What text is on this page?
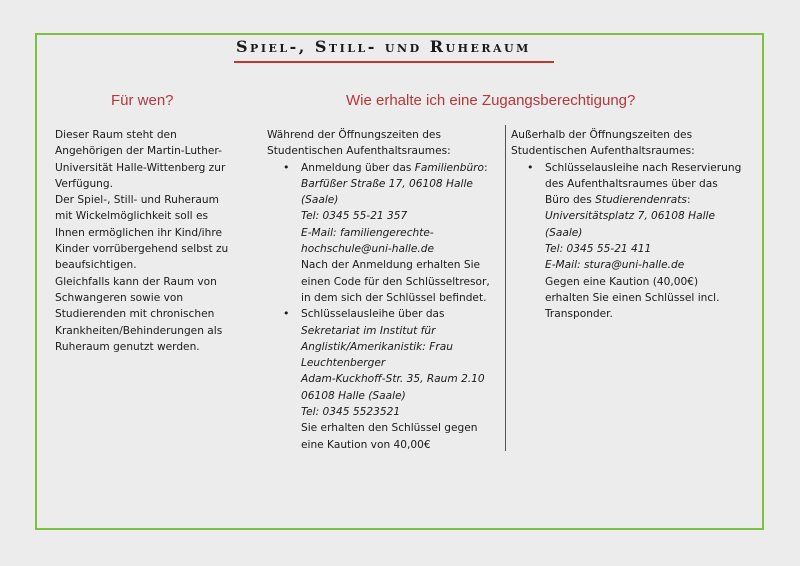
Spiel-, Still- und Ruheraum
Für wen?	Wie erhalte ich eine Zugangsberechtigung?

Dieser Raum steht den

Angehörigen der Martin-Luther-

Universität Halle-Wittenberg zur

Verfügung.

Der Spiel-, Still- und Ruheraum

mit Wickelmöglichkeit soll es

Ihnen ermöglichen ihr Kind/ihre

Kinder vorrübergehend selbst zu

beaufsichtigen.

Gleichfalls kann der Raum von

Schwangeren sowie von

Studierenden mit chronischen

Krankheiten/Behinderungen als

Ruheraum genutzt werden.

Während der Öffnungszeiten des

Studentischen Aufenthaltsraumes:

• Anmeldung über das Familienbüro:

Barfüßer Straße 17, 06108 Halle

(Saale)

Tel: 0345 55-21 357

E-Mail: familiengerechte-

hochschule@uni-halle.de

Nach der Anmeldung erhalten Sie

einen Code für den Schlüsseltresor,

in dem sich der Schlüssel befindet.

• Schlüsselausleihe über das

Sekretariat im Institut für

Anglistik/Amerikanistik: Frau

Leuchtenberger

Adam-Kuckhoff-Str. 35, Raum 2.10

06108 Halle (Saale)

Tel: 0345 5523521

Sie erhalten den Schlüssel gegen

eine Kaution von 40,00€

Außerhalb der Öffnungszeiten des

Studentischen Aufenthaltsraumes:

• Schlüsselausleihe nach Reservierung

des Aufenthaltsraumes über das

Büro des Studierendenrats:

Universitätsplatz 7, 06108 Halle

(Saale)

Tel: 0345 55-21 411

E-Mail: stura@uni-halle.de

Gegen eine Kaution (40,00€)

erhalten Sie einen Schlüssel incl.

Transponder.
